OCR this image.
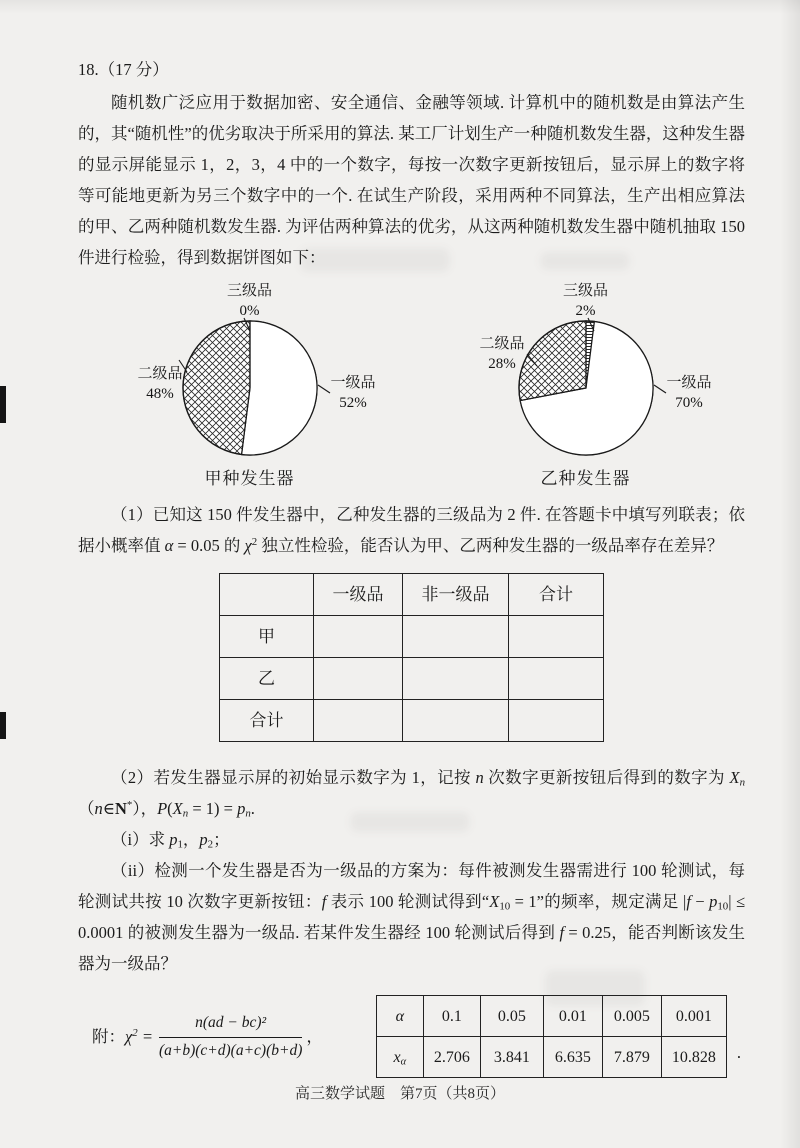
18.（17 分）

随机数广泛应用于数据加密、安全通信、金融等领域. 计算机中的随机数是由算法产生的，其“随机性”的优劣取决于所采用的算法. 某工厂计划生产一种随机数发生器，这种发生器的显示屏能显示 1，2，3，4 中的一个数字，每按一次数字更新按钮后，显示屏上的数字将等可能地更新为另三个数字中的一个. 在试生产阶段，采用两种不同算法，生产出相应算法的甲、乙两种随机数发生器. 为评估两种算法的优劣，从这两种随机数发生器中随机抽取 150 件进行检验，得到数据饼图如下：

三级品
0%
二级品
48%
一级品
52%
甲种发生器
三级品
2%
二级品
28%
一级品
70%
乙种发生器

（1）已知这 150 件发生器中，乙种发生器的三级品为 2 件. 在答题卡中填写列联表；依据小概率值 α = 0.05 的 $\chi^2$ 独立性检验，能否认为甲、乙两种发生器的一级品率存在差异？

	一级品	非一级品	合计
甲			
乙			
合计			

（2）若发生器显示屏的初始显示数字为 1，记按 n 次数字更新按钮后得到的数字为 $X_n(n\in N^*)$，$P(X_n = 1) = p_n$.

（i）求 $p_1$，$p_2$；

（ii）检测一个发生器是否为一级品的方案为：每件被测发生器需进行 100 轮测试，每轮测试共按 10 次数字更新按钮：f 表示 100 轮测试得到“$X_{10} = 1$”的频率，规定满足 $|f - p_{10}| \le 0.0001$ 的被测发生器为一级品. 若某件发生器经 100 轮测试后得到 f = 0.25，能否判断该发生器为一级品？

附： $\chi^2 = \frac{\text{n(ad − bc)²}}{(a+b)(c+d)(a+c)(b+d)}$ ，
α	0.1	0.05	0.01	0.005	0.001
$x_\alpha$	2.706	3.841	6.635	7.879	10.828 .
高三数学试题　第7页（共8页）
